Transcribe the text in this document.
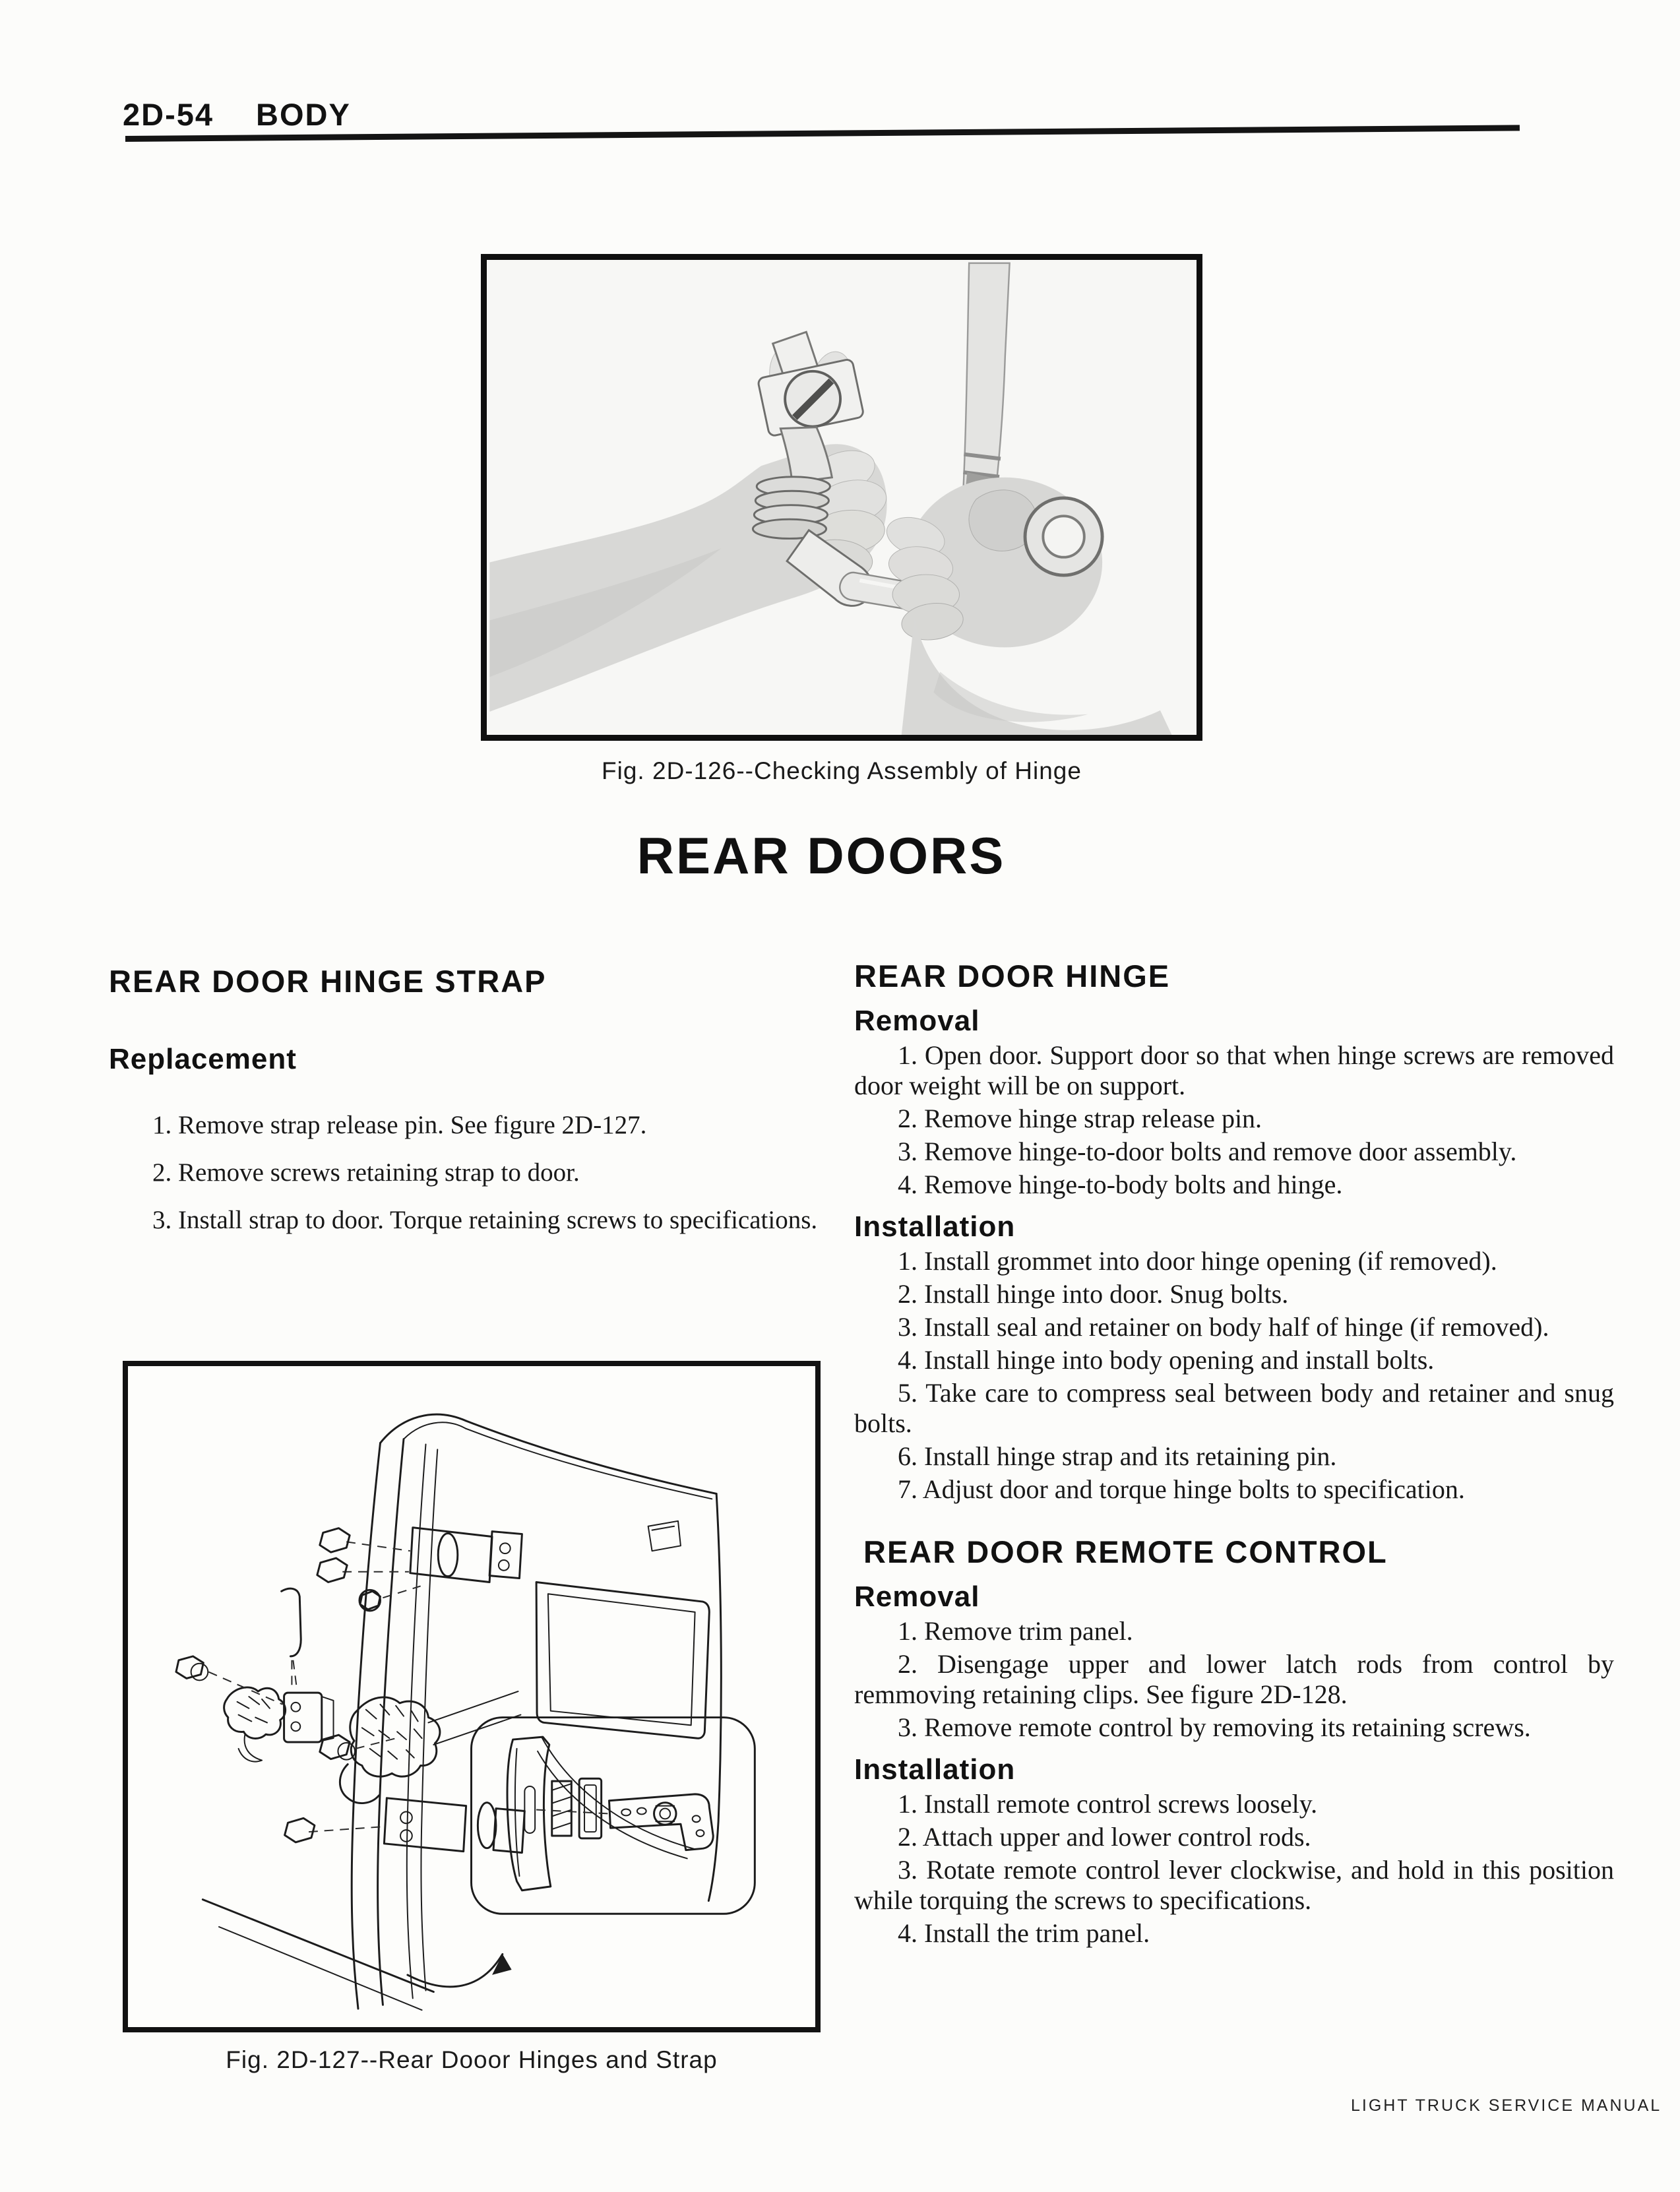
2D-54 BODY
Fig. 2D-126--Checking Assembly of Hinge
REAR DOORS
REAR DOOR HINGE STRAP
Replacement

1. Remove strap release pin. See figure 2D-127.

2. Remove screws retaining strap to door.

3. Install strap to door. Torque retaining screws to specifications.

REAR DOOR HINGE
Removal

1. Open door. Support door so that when hinge screws are removed door weight will be on support.

2. Remove hinge strap release pin.

3. Remove hinge-to-door bolts and remove door assembly.

4. Remove hinge-to-body bolts and hinge.

Installation

1. Install grommet into door hinge opening (if removed).

2. Install hinge into door. Snug bolts.

3. Install seal and retainer on body half of hinge (if removed).

4. Install hinge into body opening and install bolts.

5. Take care to compress seal between body and retainer and snug bolts.

6. Install hinge strap and its retaining pin.

7. Adjust door and torque hinge bolts to specification.

REAR DOOR REMOTE CONTROL
Removal

1. Remove trim panel.

2. Disengage upper and lower latch rods from control by remmoving retaining clips. See figure 2D-128.

3. Remove remote control by removing its retaining screws.

Installation

1. Install remote control screws loosely.

2. Attach upper and lower control rods.

3. Rotate remote control lever clockwise, and hold in this position while torquing the screws to specifications.

4. Install the trim panel.

Fig. 2D-127--Rear Dooor Hinges and Strap
LIGHT TRUCK SERVICE MANUAL
